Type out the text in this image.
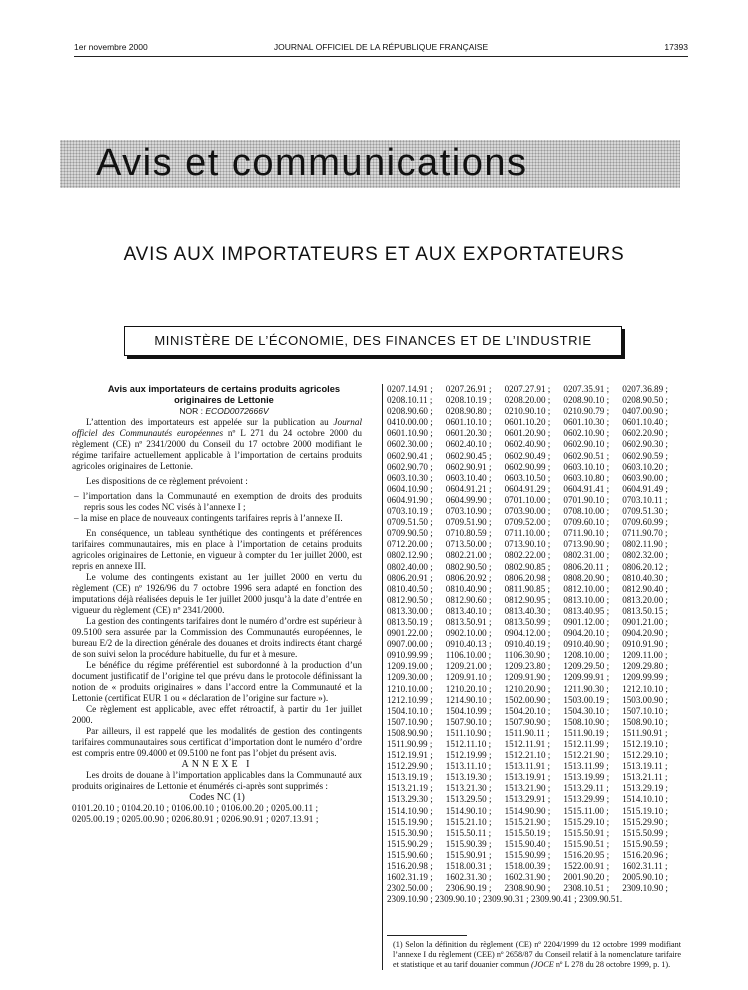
1er novembre 2000	JOURNAL OFFICIEL DE LA RÉPUBLIQUE FRANÇAISE	17393
Avis et communications
AVIS AUX IMPORTATEURS ET AUX EXPORTATEURS
MINISTÈRE DE L’ÉCONOMIE, DES FINANCES ET DE L’INDUSTRIE

Avis aux importateurs de certains produits agricoles

originaires de Lettonie

NOR : ECOD0072666V

L’attention des importateurs est appelée sur la publication au Journal officiel des Communautés européennes nº L 271 du 24 octobre 2000 du règlement (CE) nº 2341/2000 du Conseil du 17 octobre 2000 modifiant le régime tarifaire actuellement applicable à l’importation de certains produits agricoles originaires de Lettonie.

Les dispositions de ce règlement prévoient :

– l’importation dans la Communauté en exemption de droits des produits repris sous les codes NC visés à l’annexe I ;

– la mise en place de nouveaux contingents tarifaires repris à l’annexe II.

En conséquence, un tableau synthétique des contingents et préférences tarifaires communautaires, mis en place à l’importation de cetains produits agricoles originaires de Lettonie, en vigueur à compter du 1er juillet 2000, est repris en annexe III.

Le volume des contingents existant au 1er juillet 2000 en vertu du règlement (CE) nº 1926/96 du 7 octobre 1996 sera adapté en fonction des imputations déjà réalisées depuis le 1er juillet 2000 jusqu’à la date d’entrée en vigueur du règlement (CE) nº 2341/2000.

La gestion des contingents tarifaires dont le numéro d’ordre est supérieur à 09.5100 sera assurée par la Commission des Communautés européennes, le bureau E/2 de la direction générale des douanes et droits indirects étant chargé de son suivi selon la procédure habituelle, du fur et à mesure.

Le bénéfice du régime préférentiel est subordonné à la production d’un document justificatif de l’origine tel que prévu dans le protocole définissant la notion de « produits originaires » dans l’accord entre la Communauté et la Lettonie (certificat EUR 1 ou « déclaration de l’origine sur facture »).

Ce règlement est applicable, avec effet rétroactif, à partir du 1er juillet 2000.

Par ailleurs, il est rappelé que les modalités de gestion des contingents tarifaires communautaires sous certificat d’importation dont le numéro d’ordre est compris entre 09.4000 et 09.5100 ne font pas l’objet du présent avis.

ANNEXE I

Les droits de douane à l’importation applicables dans la Communauté aux produits originaires de Lettonie et énumérés ci-après sont supprimés :

Codes NC (1)

0101.20.10 ; 0104.20.10 ; 0106.00.10 ; 0106.00.20 ; 0205.00.11 ;

0205.00.19 ; 0205.00.90 ; 0206.80.91 ; 0206.90.91 ; 0207.13.91 ;

0207.14.91 ;	0207.26.91 ;	0207.27.91 ;	0207.35.91 ;	0207.36.89 ;
0208.10.11 ;	0208.10.19 ;	0208.20.00 ;	0208.90.10 ;	0208.90.50 ;
0208.90.60 ;	0208.90.80 ;	0210.90.10 ;	0210.90.79 ;	0407.00.90 ;
0410.00.00 ;	0601.10.10 ;	0601.10.20 ;	0601.10.30 ;	0601.10.40 ;
0601.10.90 ;	0601.20.30 ;	0601.20.90 ;	0602.10.90 ;	0602.20.90 ;
0602.30.00 ;	0602.40.10 ;	0602.40.90 ;	0602.90.10 ;	0602.90.30 ;
0602.90.41 ;	0602.90.45 ;	0602.90.49 ;	0602.90.51 ;	0602.90.59 ;
0602.90.70 ;	0602.90.91 ;	0602.90.99 ;	0603.10.10 ;	0603.10.20 ;
0603.10.30 ;	0603.10.40 ;	0603.10.50 ;	0603.10.80 ;	0603.90.00 ;
0604.10.90 ;	0604.91.21 ;	0604.91.29 ;	0604.91.41 ;	0604.91.49 ;
0604.91.90 ;	0604.99.90 ;	0701.10.00 ;	0701.90.10 ;	0703.10.11 ;
0703.10.19 ;	0703.10.90 ;	0703.90.00 ;	0708.10.00 ;	0709.51.30 ;
0709.51.50 ;	0709.51.90 ;	0709.52.00 ;	0709.60.10 ;	0709.60.99 ;
0709.90.50 ;	0710.80.59 ;	0711.10.00 ;	0711.90.10 ;	0711.90.70 ;
0712.20.00 ;	0713.50.00 ;	0713.90.10 ;	0713.90.90 ;	0802.11.90 ;
0802.12.90 ;	0802.21.00 ;	0802.22.00 ;	0802.31.00 ;	0802.32.00 ;
0802.40.00 ;	0802.90.50 ;	0802.90.85 ;	0806.20.11 ;	0806.20.12 ;
0806.20.91 ;	0806.20.92 ;	0806.20.98 ;	0808.20.90 ;	0810.40.30 ;
0810.40.50 ;	0810.40.90 ;	0811.90.85 ;	0812.10.00 ;	0812.90.40 ;
0812.90.50 ;	0812.90.60 ;	0812.90.95 ;	0813.10.00 ;	0813.20.00 ;
0813.30.00 ;	0813.40.10 ;	0813.40.30 ;	0813.40.95 ;	0813.50.15 ;
0813.50.19 ;	0813.50.91 ;	0813.50.99 ;	0901.12.00 ;	0901.21.00 ;
0901.22.00 ;	0902.10.00 ;	0904.12.00 ;	0904.20.10 ;	0904.20.90 ;
0907.00.00 ;	0910.40.13 ;	0910.40.19 ;	0910.40.90 ;	0910.91.90 ;
0910.99.99 ;	1106.10.00 ;	1106.30.90 ;	1208.10.00 ;	1209.11.00 ;
1209.19.00 ;	1209.21.00 ;	1209.23.80 ;	1209.29.50 ;	1209.29.80 ;
1209.30.00 ;	1209.91.10 ;	1209.91.90 ;	1209.99.91 ;	1209.99.99 ;
1210.10.00 ;	1210.20.10 ;	1210.20.90 ;	1211.90.30 ;	1212.10.10 ;
1212.10.99 ;	1214.90.10 ;	1502.00.90 ;	1503.00.19 ;	1503.00.90 ;
1504.10.10 ;	1504.10.99 ;	1504.20.10 ;	1504.30.10 ;	1507.10.10 ;
1507.10.90 ;	1507.90.10 ;	1507.90.90 ;	1508.10.90 ;	1508.90.10 ;
1508.90.90 ;	1511.10.90 ;	1511.90.11 ;	1511.90.19 ;	1511.90.91 ;
1511.90.99 ;	1512.11.10 ;	1512.11.91 ;	1512.11.99 ;	1512.19.10 ;
1512.19.91 ;	1512.19.99 ;	1512.21.10 ;	1512.21.90 ;	1512.29.10 ;
1512.29.90 ;	1513.11.10 ;	1513.11.91 ;	1513.11.99 ;	1513.19.11 ;
1513.19.19 ;	1513.19.30 ;	1513.19.91 ;	1513.19.99 ;	1513.21.11 ;
1513.21.19 ;	1513.21.30 ;	1513.21.90 ;	1513.29.11 ;	1513.29.19 ;
1513.29.30 ;	1513.29.50 ;	1513.29.91 ;	1513.29.99 ;	1514.10.10 ;
1514.10.90 ;	1514.90.10 ;	1514.90.90 ;	1515.11.00 ;	1515.19.10 ;
1515.19.90 ;	1515.21.10 ;	1515.21.90 ;	1515.29.10 ;	1515.29.90 ;
1515.30.90 ;	1515.50.11 ;	1515.50.19 ;	1515.50.91 ;	1515.50.99 ;
1515.90.29 ;	1515.90.39 ;	1515.90.40 ;	1515.90.51 ;	1515.90.59 ;
1515.90.60 ;	1515.90.91 ;	1515.90.99 ;	1516.20.95 ;	1516.20.96 ;
1516.20.98 ;	1518.00.31 ;	1518.00.39 ;	1522.00.91 ;	1602.31.11 ;
1602.31.19 ;	1602.31.30 ;	1602.31.90 ;	2001.90.20 ;	2005.90.10 ;
2302.50.00 ;	2306.90.19 ;	2308.90.90 ;	2308.10.51 ;	2309.10.90 ;
2309.10.90 ; 2309.90.10 ; 2309.90.31 ; 2309.90.41 ; 2309.90.51.
(1) Selon la définition du règlement (CE) nº 2204/1999 du 12 octobre 1999 modifiant l’annexe I du règlement (CEE) nº 2658/87 du Conseil relatif à la nomenclature tarifaire et statistique et au tarif douanier commun (JOCE nº L 278 du 28 octobre 1999, p. 1).
